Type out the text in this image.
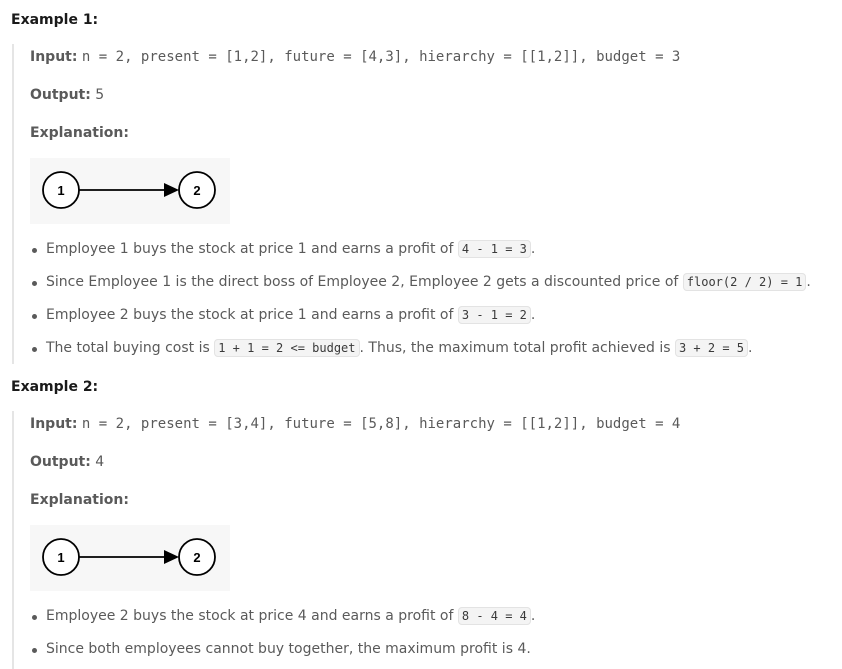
Example 1:
Input: n = 2, present = [1,2], future = [4,3], hierarchy = [[1,2]], budget = 3
Output: 5
Explanation:
1	2
Employee 1 buys the stock at price 1 and earns a profit of 4 - 1 = 3 .
Since Employee 1 is the direct boss of Employee 2, Employee 2 gets a discounted price of floor(2 / 2) = 1 .
Employee 2 buys the stock at price 1 and earns a profit of 3 - 1 = 2 .
The total buying cost is 1 + 1 = 2 <= budget . Thus, the maximum total profit achieved is 3 + 2 = 5 .
Example 2:
Input: n = 2, present = [3,4], future = [5,8], hierarchy = [[1,2]], budget = 4
Output: 4
Explanation:
1	2
Employee 2 buys the stock at price 4 and earns a profit of 8 - 4 = 4 .
Since both employees cannot buy together, the maximum profit is 4.
